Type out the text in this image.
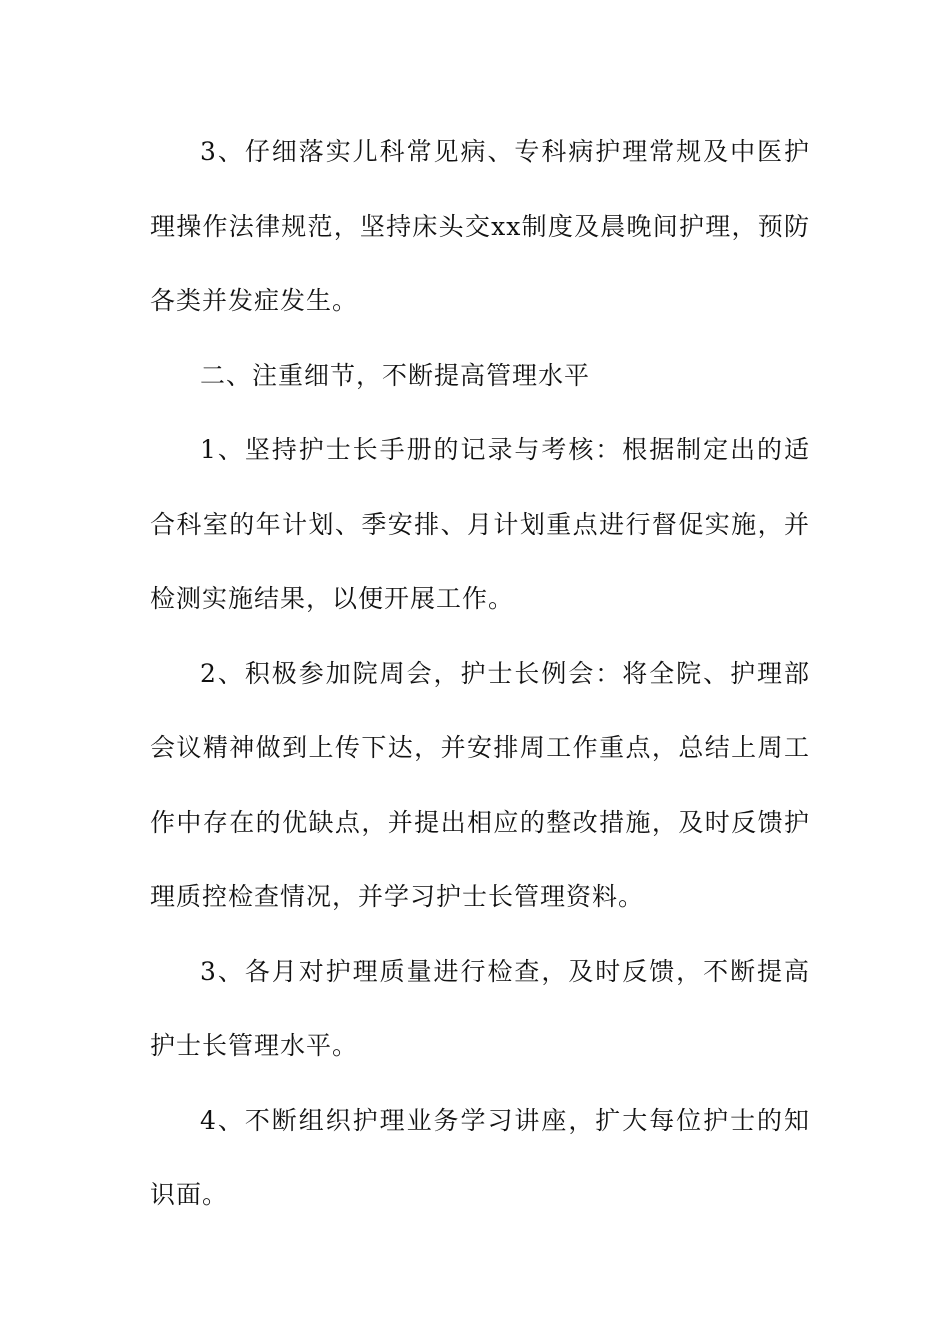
3、仔细落实儿科常见病、专科病护理常规及中医护理操作法律规范，坚持床头交xx制度及晨晚间护理，预防各类并发症发生。

二、注重细节，不断提高管理水平

1、坚持护士长手册的记录与考核：根据制定出的适合科室的年计划、季安排、月计划重点进行督促实施，并检测实施结果，以便开展工作。

2、积极参加院周会，护士长例会：将全院、护理部会议精神做到上传下达，并安排周工作重点，总结上周工作中存在的优缺点，并提出相应的整改措施，及时反馈护理质控检查情况，并学习护士长管理资料。

3、各月对护理质量进行检查，及时反馈，不断提高护士长管理水平。

4、不断组织护理业务学习讲座，扩大每位护士的知识面。
